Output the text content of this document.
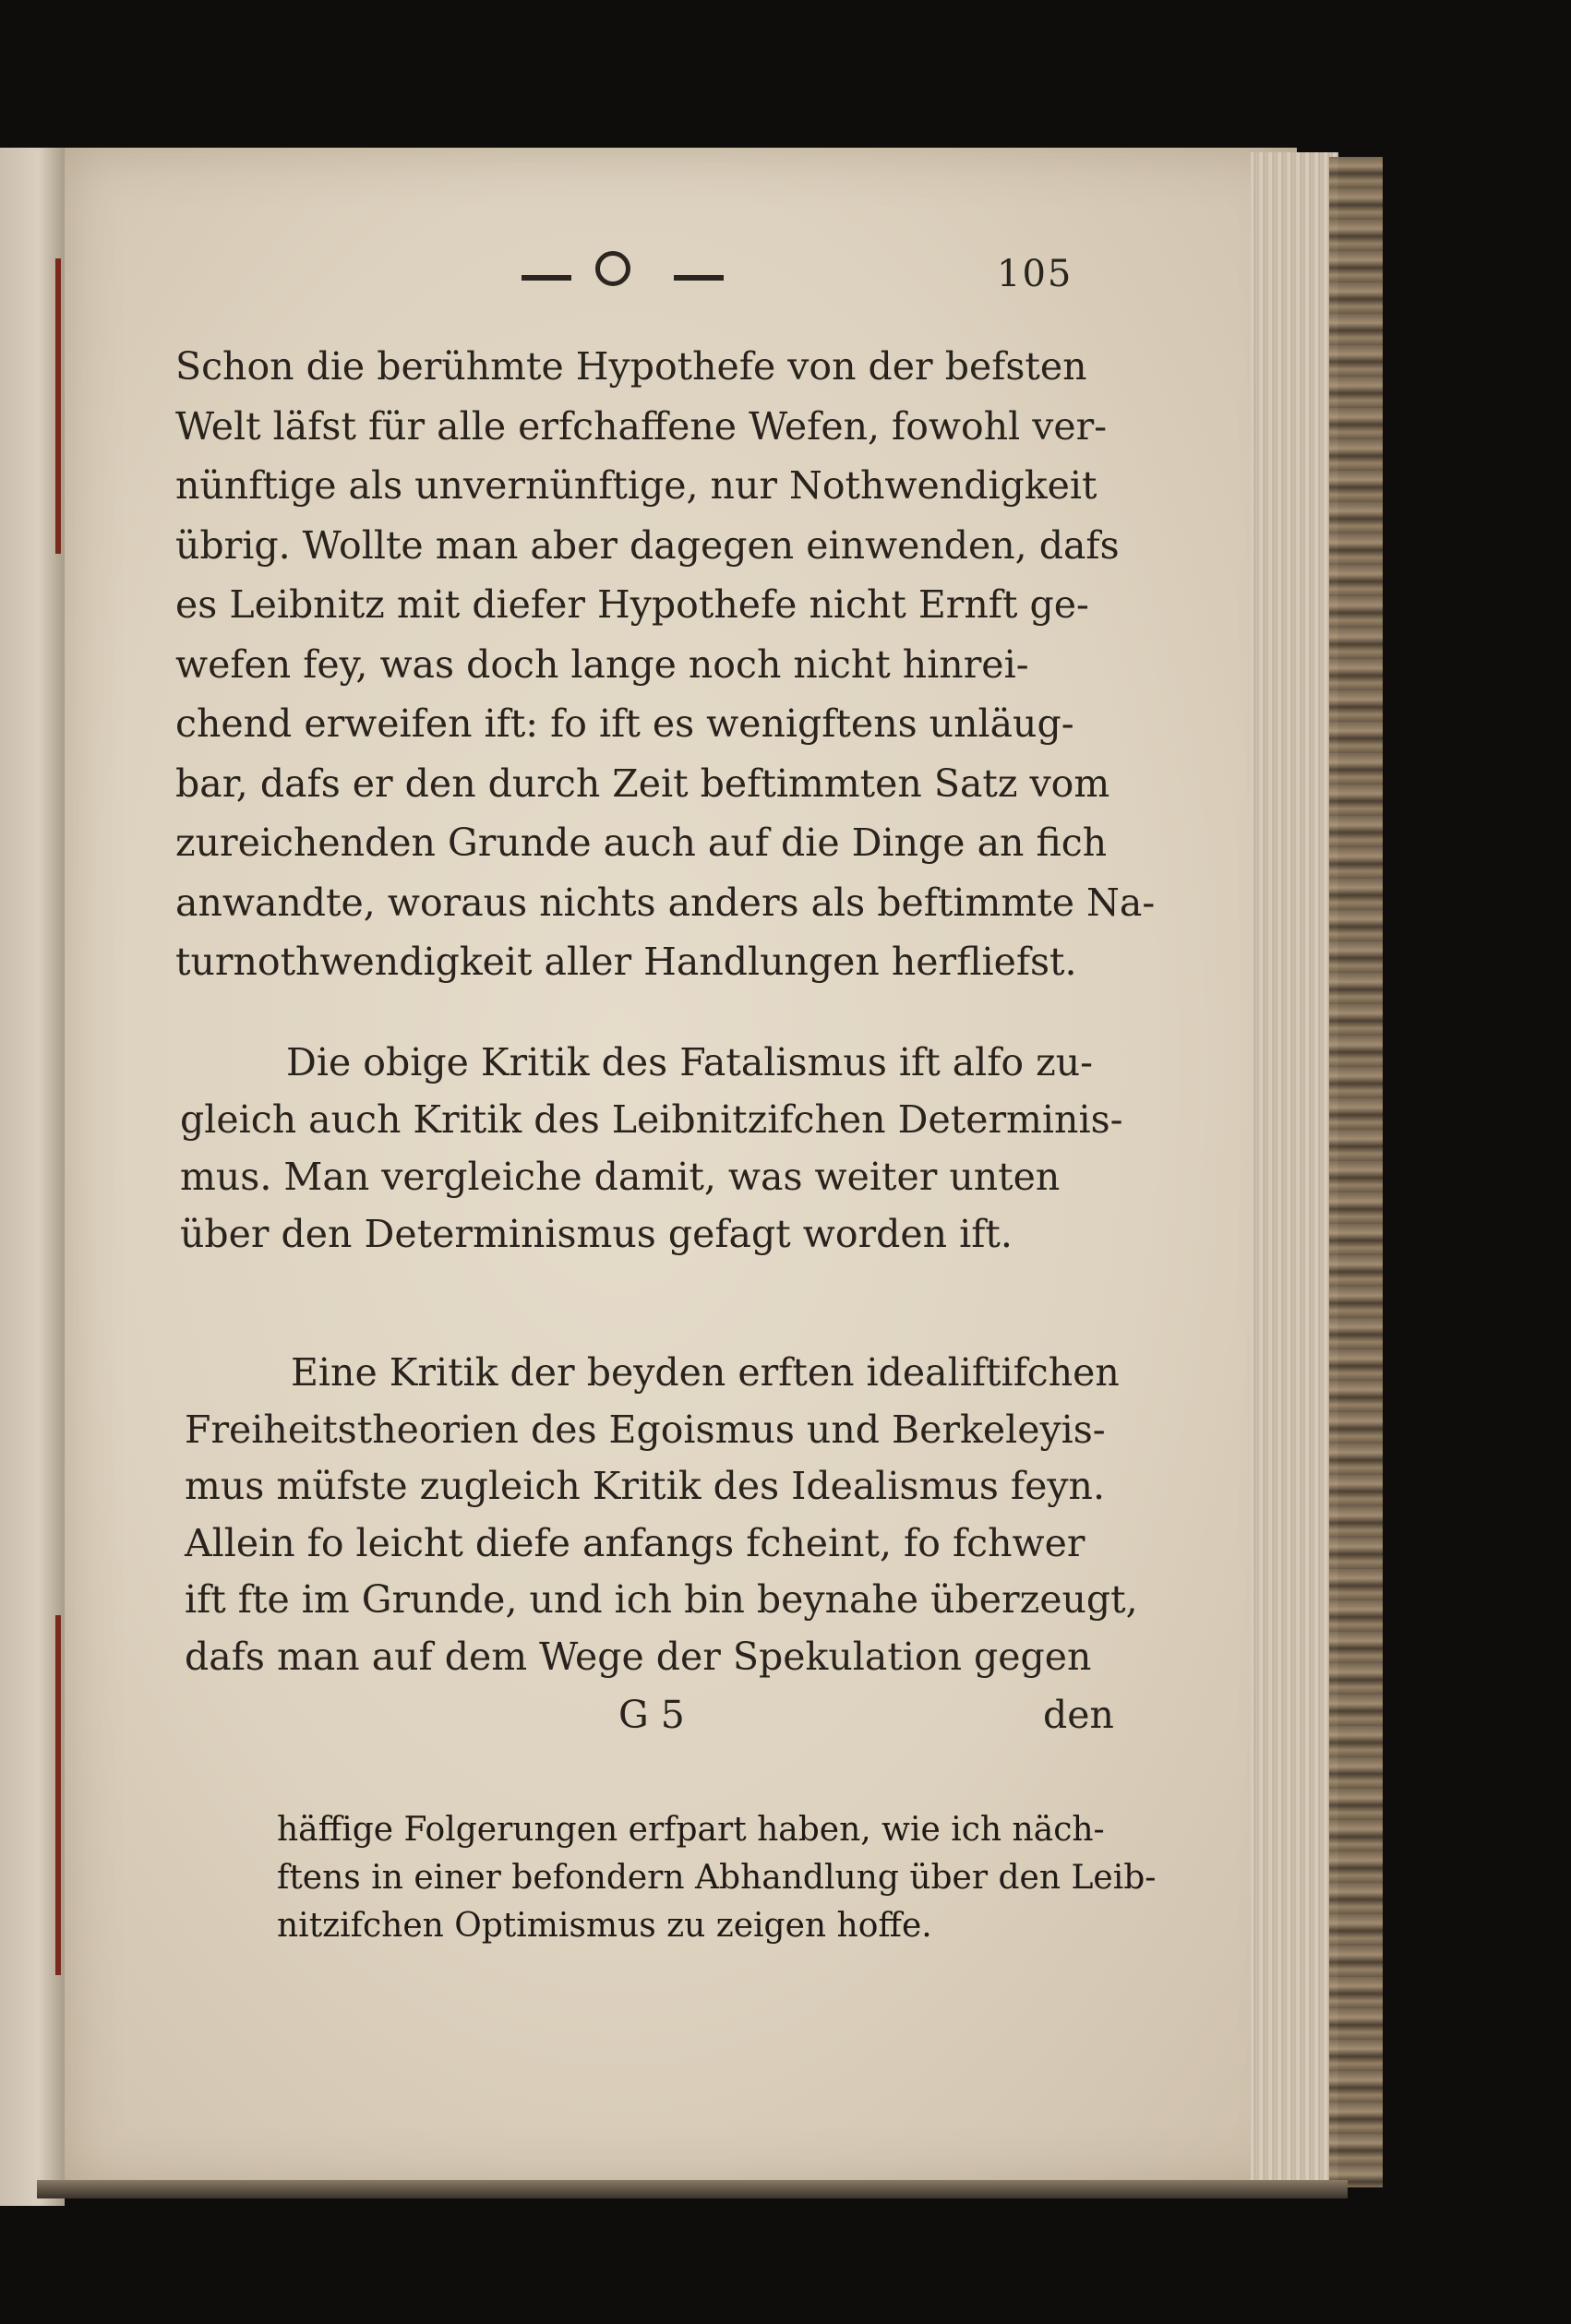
105
Schon die berühmte Hypothefe von der befsten
Welt läfst für alle erfchaffene Wefen, fowohl ver-
nünftige als unvernünftige, nur Nothwendigkeit
übrig. Wollte man aber dagegen einwenden, dafs
es Leibnitz mit diefer Hypothefe nicht Ernft ge-
wefen fey, was doch lange noch nicht hinrei-
chend erweifen ift: fo ift es wenigftens unläug-
bar, dafs er den durch Zeit beftimmten Satz vom
zureichenden Grunde auch auf die Dinge an fich
anwandte, woraus nichts anders als beftimmte Na-
turnothwendigkeit aller Handlungen herfliefst.
Die obige Kritik des Fatalismus ift alfo zu-
gleich auch Kritik des Leibnitzifchen Determinis-
mus. Man vergleiche damit, was weiter unten
über den Determinismus gefagt worden ift.
Eine Kritik der beyden erften idealiftifchen
Freiheitstheorien des Egoismus und Berkeleyis-
mus müfste zugleich Kritik des Idealismus feyn.
Allein fo leicht diefe anfangs fcheint, fo fchwer
ift fte im Grunde, und ich bin beynahe überzeugt,
dafs man auf dem Wege der Spekulation gegen
G 5	den
häffige Folgerungen erfpart haben, wie ich näch-
ftens in einer befondern Abhandlung über den Leib-
nitzifchen Optimismus zu zeigen hoffe.
